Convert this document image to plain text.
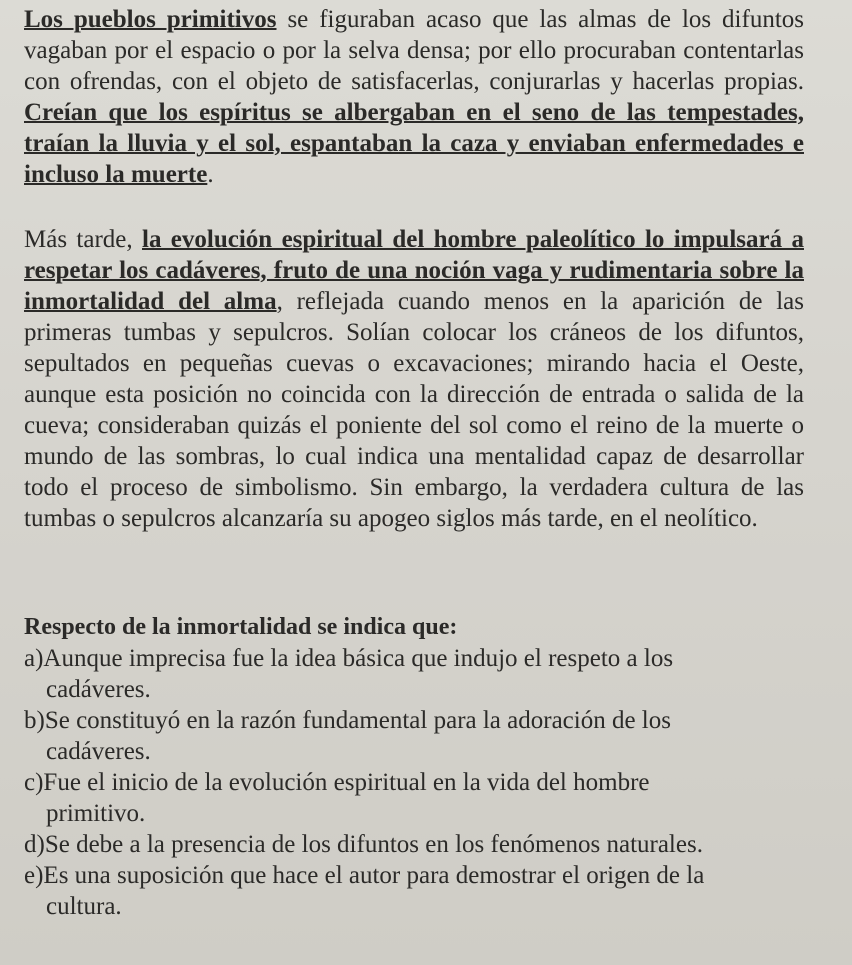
Los pueblos primitivos se figuraban acaso que las almas de los difuntos vagaban por el espacio o por la selva densa; por ello procuraban contentarlas con ofrendas, con el objeto de satisfacerlas, conjurarlas y hacerlas propias. Creían que los espíritus se albergaban en el seno de las tempestades, traían la lluvia y el sol, espantaban la caza y enviaban enfermedades e incluso la muerte.

Más tarde, la evolución espiritual del hombre paleolítico lo impulsará a respetar los cadáveres, fruto de una noción vaga y rudimentaria sobre la inmortalidad del alma, reflejada cuando menos en la aparición de las primeras tumbas y sepulcros. Solían colocar los cráneos de los difuntos, sepultados en pequeñas cuevas o excavaciones; mirando hacia el Oeste, aunque esta posición no coincida con la dirección de entrada o salida de la cueva; consideraban quizás el poniente del sol como el reino de la muerte o mundo de las sombras, lo cual indica una mentalidad capaz de desarrollar todo el proceso de simbolismo. Sin embargo, la verdadera cultura de las tumbas o sepulcros alcanzaría su apogeo siglos más tarde, en el neolítico.

Respecto de la inmortalidad se indica que:
a)Aunque imprecisa fue la idea básica que indujo el respeto a los
cadáveres.
b)Se constituyó en la razón fundamental para la adoración de los
cadáveres.
c)Fue el inicio de la evolución espiritual en la vida del hombre
primitivo.
d)Se debe a la presencia de los difuntos en los fenómenos naturales.
e)Es una suposición que hace el autor para demostrar el origen de la
cultura.
